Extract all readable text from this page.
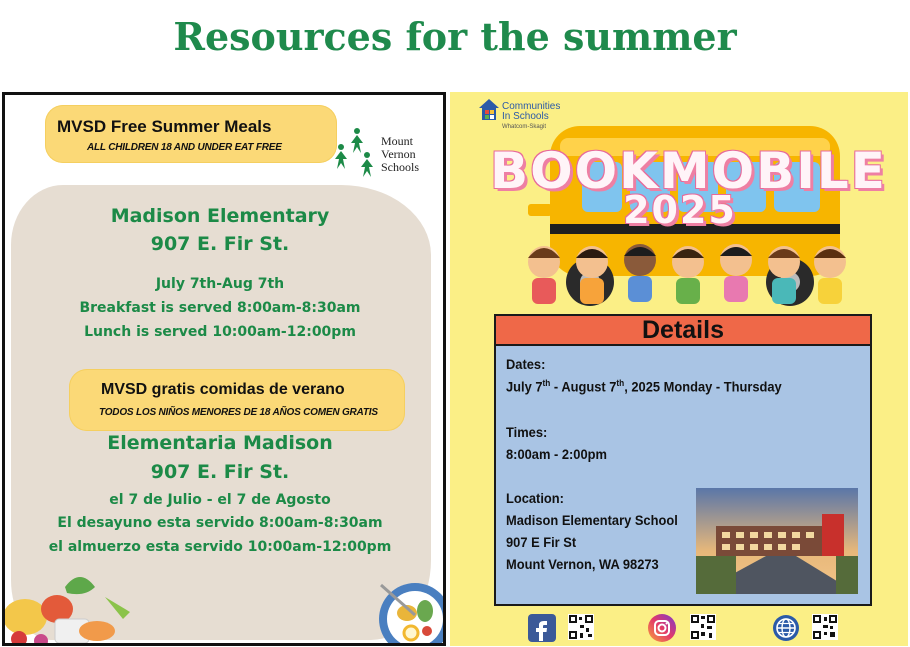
Resources for the summer
MVSD Free Summer Meals
ALL CHILDREN 18 AND UNDER EAT FREE	Mount
Vernon
Schools
Madison Elementary
907 E. Fir St.
July 7th-Aug 7th
Breakfast is served 8:00am-8:30am
Lunch is served 10:00am-12:00pm
MVSD gratis comidas de verano
TODOS LOS NIÑOS MENORES DE 18 AÑOS COMEN GRATIS
Elementaria Madison
907 E. Fir St.
el 7 de Julio - el 7 de Agosto
El desayuno esta servido 8:00am-8:30am
el almuerzo esta servido 10:00am-12:00pm
Communities
In Schools
Whatcom-Skagit
BOOKMOBILE
2025
Details
Dates:
July 7th - August 7th, 2025 Monday - Thursday
Times:
8:00am - 2:00pm
Location:
Madison Elementary School
907 E Fir St
Mount Vernon, WA 98273
